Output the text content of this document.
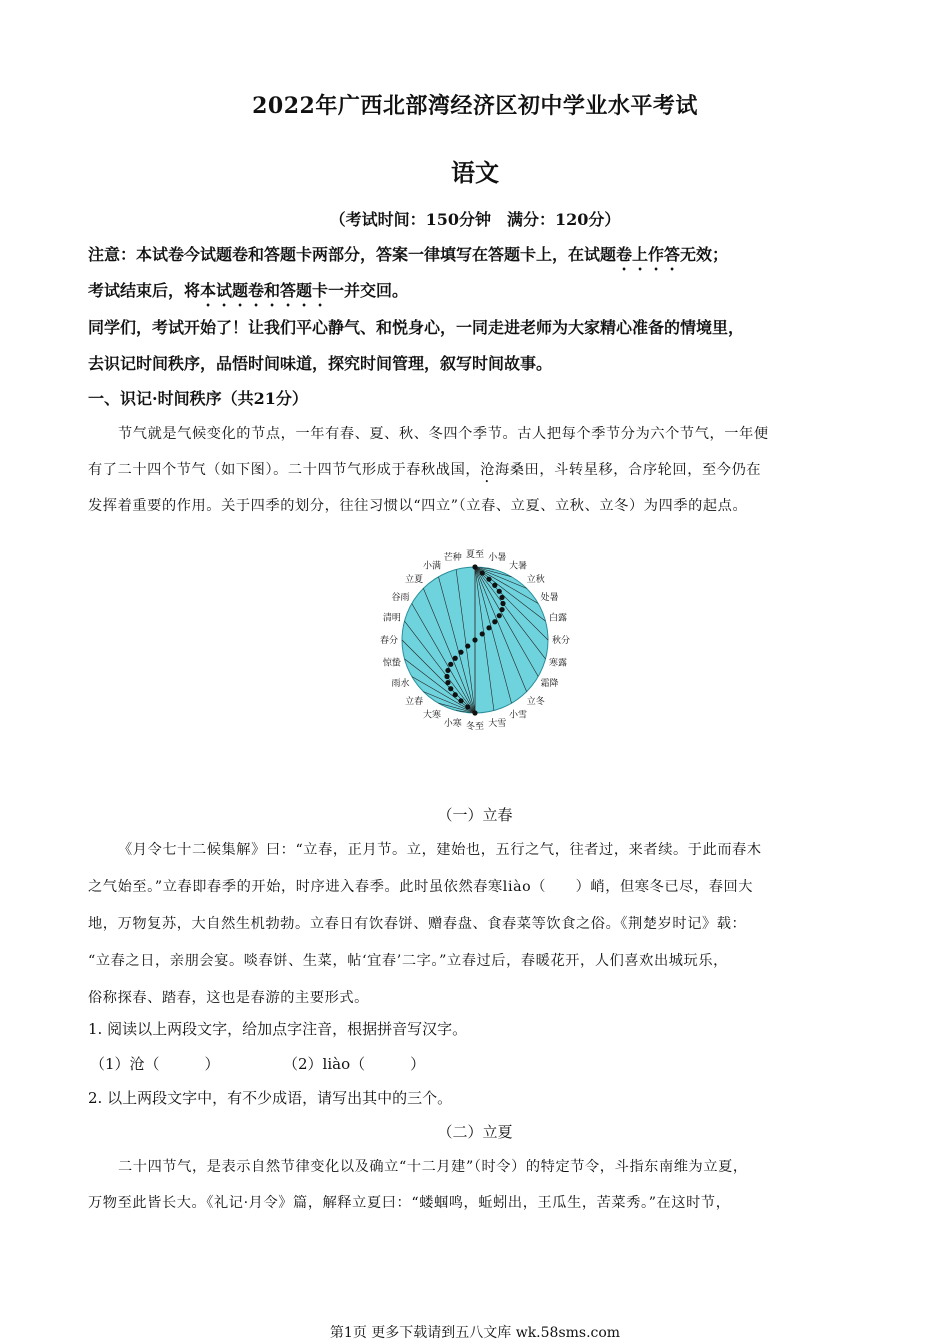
2022年广西北部湾经济区初中学业水平考试
语文
（考试时间：150分钟　满分：120分）
注意：本试卷今试题卷和答题卡两部分，答案一律填写在答题卡上，在试题卷上作答无效；
考试结束后，将本试题卷和答题卡一并交回。
同学们，考试开始了！让我们平心静气、和悦身心，一同走进老师为大家精心准备的情境里，
去识记时间秩序，品悟时间味道，探究时间管理，叙写时间故事。
一、识记·时间秩序（共21分）
节气就是气候变化的节点，一年有春、夏、秋、冬四个季节。古人把每个季节分为六个节气，一年便
有了二十四个节气（如下图）。二十四节气形成于春秋战国，沧海桑田，斗转星移，合序轮回，至今仍在
发挥着重要的作用。关于四季的划分，往往习惯以“四立”（立春、立夏、立秋、立冬）为四季的起点。
夏至 小暑
大暑
立秋
处暑
白露
秋分
寒露
霜降
立冬
小雪
大雪
冬至
小寒
大寒
立春
雨水
惊蛰
春分
清明
谷雨
立夏
小满
芒种
（一）立春
《月令七十二候集解》曰：“立春，正月节。立，建始也，五行之气，往者过，来者续。于此而春木
之气始至。”立春即春季的开始，时序进入春季。此时虽依然春寒liào（　　）峭，但寒冬已尽，春回大
地，万物复苏，大自然生机勃勃。立春日有饮春饼、赠春盘、食春菜等饮食之俗。《荆楚岁时记》载：
“立春之日，亲朋会宴。啖春饼、生菜，帖‘宜春’二字。”立春过后，春暖花开，人们喜欢出城玩乐，
俗称探春、踏春，这也是春游的主要形式。
1. 阅读以上两段文字，给加点字注音，根据拼音写汉字。
（1）沧（　　　）	（2）liào（　　　）
2. 以上两段文字中，有不少成语，请写出其中的三个。
（二）立夏
二十四节气，是表示自然节律变化以及确立“十二月建”（时令）的特定节令，斗指东南维为立夏，
万物至此皆长大。《礼记·月令》篇，解释立夏曰：“蝼蝈鸣，蚯蚓出，王瓜生，苦菜秀。”在这时节，
第1页 更多下载请到五八文库 wk.58sms.com
